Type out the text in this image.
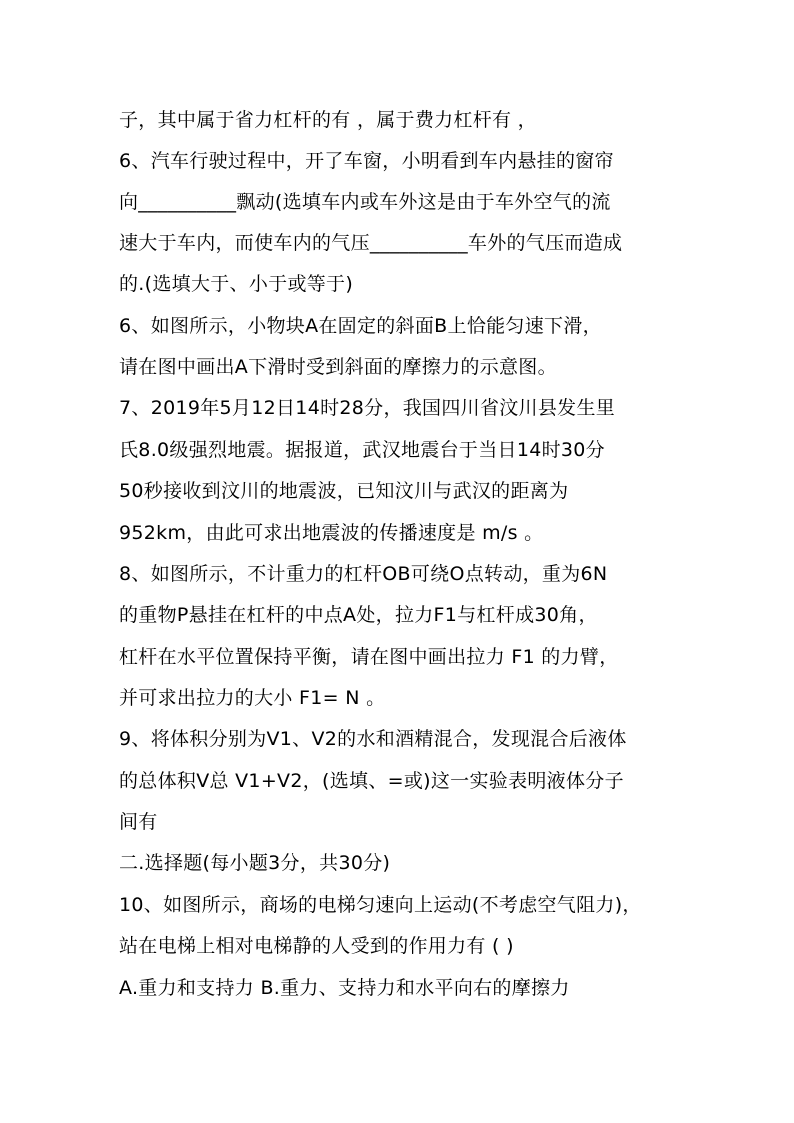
子，其中属于省力杠杆的有 ，属于费力杠杆有 ，
6、汽车行驶过程中，开了车窗，小明看到车内悬挂的窗帘
向__________飘动(选填车内或车外这是由于车外空气的流
速大于车内，而使车内的气压__________车外的气压而造成
的.(选填大于、小于或等于)
6、如图所示，小物块A在固定的斜面B上恰能匀速下滑，
请在图中画出A下滑时受到斜面的摩擦力的示意图。
7、2019年5月12日14时28分，我国四川省汶川县发生里
氏8.0级强烈地震。据报道，武汉地震台于当日14时30分
50秒接收到汶川的地震波，已知汶川与武汉的距离为
952km，由此可求出地震波的传播速度是 m/s 。
8、如图所示，不计重力的杠杆OB可绕O点转动，重为6N
的重物P悬挂在杠杆的中点A处，拉力F1与杠杆成30角，
杠杆在水平位置保持平衡，请在图中画出拉力 F1 的力臂，
并可求出拉力的大小 F1= N 。
9、将体积分别为V1、V2的水和酒精混合，发现混合后液体
的总体积V总 V1+V2，(选填、=或)这一实验表明液体分子
间有
二.选择题(每小题3分，共30分)
10、如图所示，商场的电梯匀速向上运动(不考虑空气阻力)，
站在电梯上相对电梯静的人受到的作用力有 ( )
A.重力和支持力 B.重力、支持力和水平向右的摩擦力
